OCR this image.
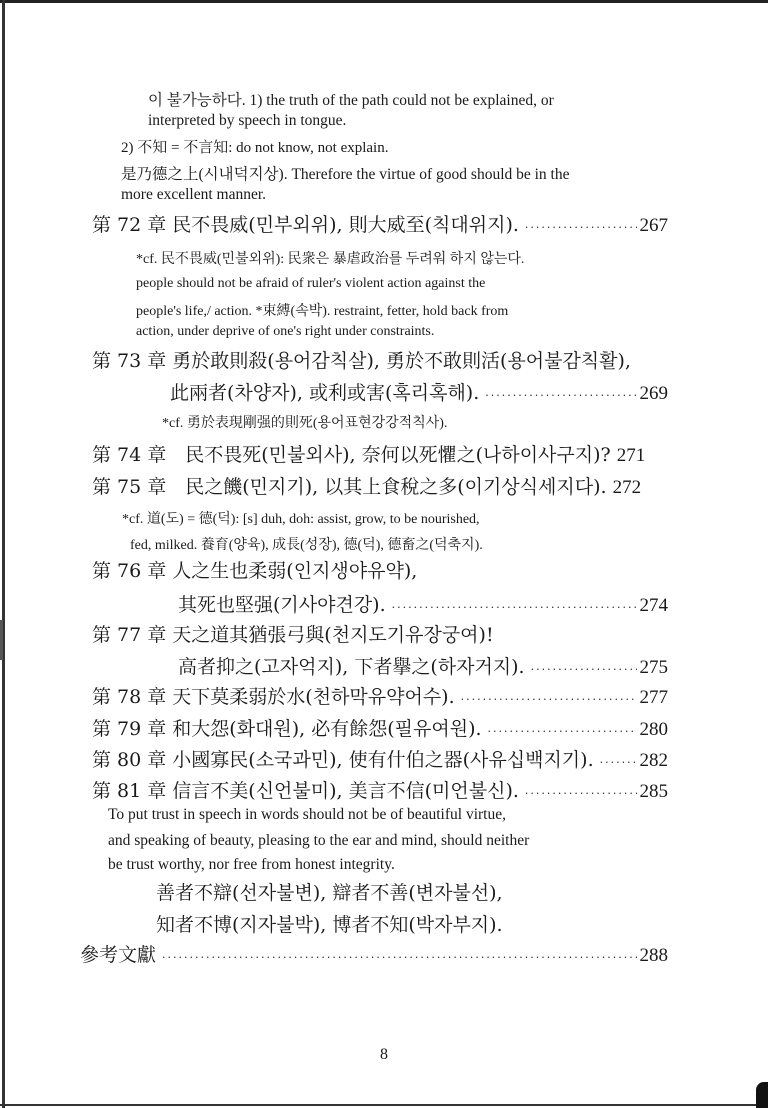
이 불가능하다. 1) the truth of the path could not be explained, or
interpreted by speech in tongue.
2) 不知 = 不言知: do not know, not explain.
是乃德之上(시내덕지상). Therefore the virtue of good should be in the
more excellent manner.
第 72 章 民不畏威(민부외위), 則大威至(칙대위지). ·····	267
*cf. 民不畏威(민불외위): 民衆은 暴虐政治를 두려워 하지 않는다.
people should not be afraid of ruler's violent action against the
people's life,/ action. *束縛(속박). restraint, fetter, hold back from
action, under deprive of one's right under constraints.
第 73 章 勇於敢則殺(용어감칙살), 勇於不敢則活(용어불감칙활),
此兩者(차양자), 或利或害(혹리혹해). ·····	269
*cf. 勇於表現剛强的則死(용어표현강강적칙사).
第 74 章　民不畏死(민불외사), 奈何以死懼之(나하이사구지)? 271
第 75 章　民之饑(민지기), 以其上食稅之多(이기상식세지다). 272
*cf. 道(도) = 德(덕): [s] duh, doh: assist, grow, to be nourished,
fed, milked. 養育(양육), 成長(성장), 德(덕), 德畜之(덕축지).
第 76 章 人之生也柔弱(인지생야유약),
其死也堅强(기사야견강). ·····	274
第 77 章 天之道其猶張弓與(천지도기유장궁여)!
高者抑之(고자억지), 下者擧之(하자거지). ·····	275
第 78 章 天下莫柔弱於水(천하막유약어수). ·····	277
第 79 章 和大怨(화대원), 必有餘怨(필유여원). ·····	280
第 80 章 小國寡民(소국과민), 使有什伯之器(사유십백지기). ····· 282
第 81 章 信言不美(신언불미), 美言不信(미언불신). ·····	285
To put trust in speech in words should not be of beautiful virtue,
and speaking of beauty, pleasing to the ear and mind, should neither
be trust worthy, nor free from honest integrity.
善者不辯(선자불변), 辯者不善(변자불선),
知者不博(지자불박), 博者不知(박자부지).
參考文獻 ·····	288
8
